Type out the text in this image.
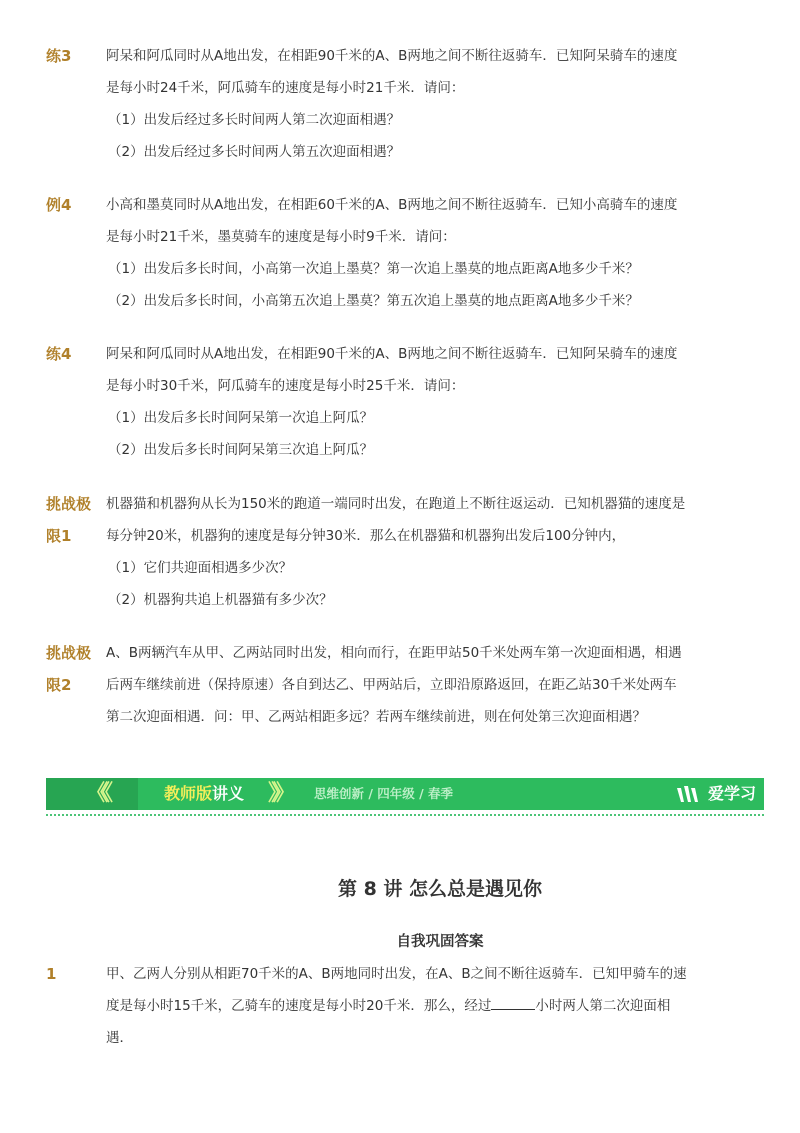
练3	阿呆和阿瓜同时从A地出发，在相距90千米的A、B两地之间不断往返骑车．已知阿呆骑车的速度
是每小时24千米，阿瓜骑车的速度是每小时21千米．请问：
（1）出发后经过多长时间两人第二次迎面相遇？
（2）出发后经过多长时间两人第五次迎面相遇？
例4	小高和墨莫同时从A地出发，在相距60千米的A、B两地之间不断往返骑车．已知小高骑车的速度
是每小时21千米，墨莫骑车的速度是每小时9千米．请问：
（1）出发后多长时间，小高第一次追上墨莫？第一次追上墨莫的地点距离A地多少千米？
（2）出发后多长时间，小高第五次追上墨莫？第五次追上墨莫的地点距离A地多少千米？
练4	阿呆和阿瓜同时从A地出发，在相距90千米的A、B两地之间不断往返骑车．已知阿呆骑车的速度
是每小时30千米，阿瓜骑车的速度是每小时25千米．请问：
（1）出发后多长时间阿呆第一次追上阿瓜？
（2）出发后多长时间阿呆第三次追上阿瓜？
挑战极
限1
机器猫和机器狗从长为150米的跑道一端同时出发，在跑道上不断往返运动．已知机器猫的速度是
每分钟20米，机器狗的速度是每分钟30米．那么在机器猫和机器狗出发后100分钟内，
（1）它们共迎面相遇多少次？
（2）机器狗共追上机器猫有多少次？
挑战极
限2
A、B两辆汽车从甲、乙两站同时出发，相向而行，在距甲站50千米处两车第一次迎面相遇，相遇
后两车继续前进（保持原速）各自到达乙、甲两站后，立即沿原路返回，在距乙站30千米处两车
第二次迎面相遇．问：甲、乙两站相距多远？若两车继续前进，则在何处第三次迎面相遇？
《《	教师版讲义 》》 思维创新 / 四年级 / 春季	爱学习
第 8 讲 怎么总是遇见你
自我巩固答案
1	甲、乙两人分别从相距70千米的A、B两地同时出发，在A、B之间不断往返骑车．已知甲骑车的速
度是每小时15千米，乙骑车的速度是每小时20千米．那么，经过	小时两人第二次迎面相
遇．
